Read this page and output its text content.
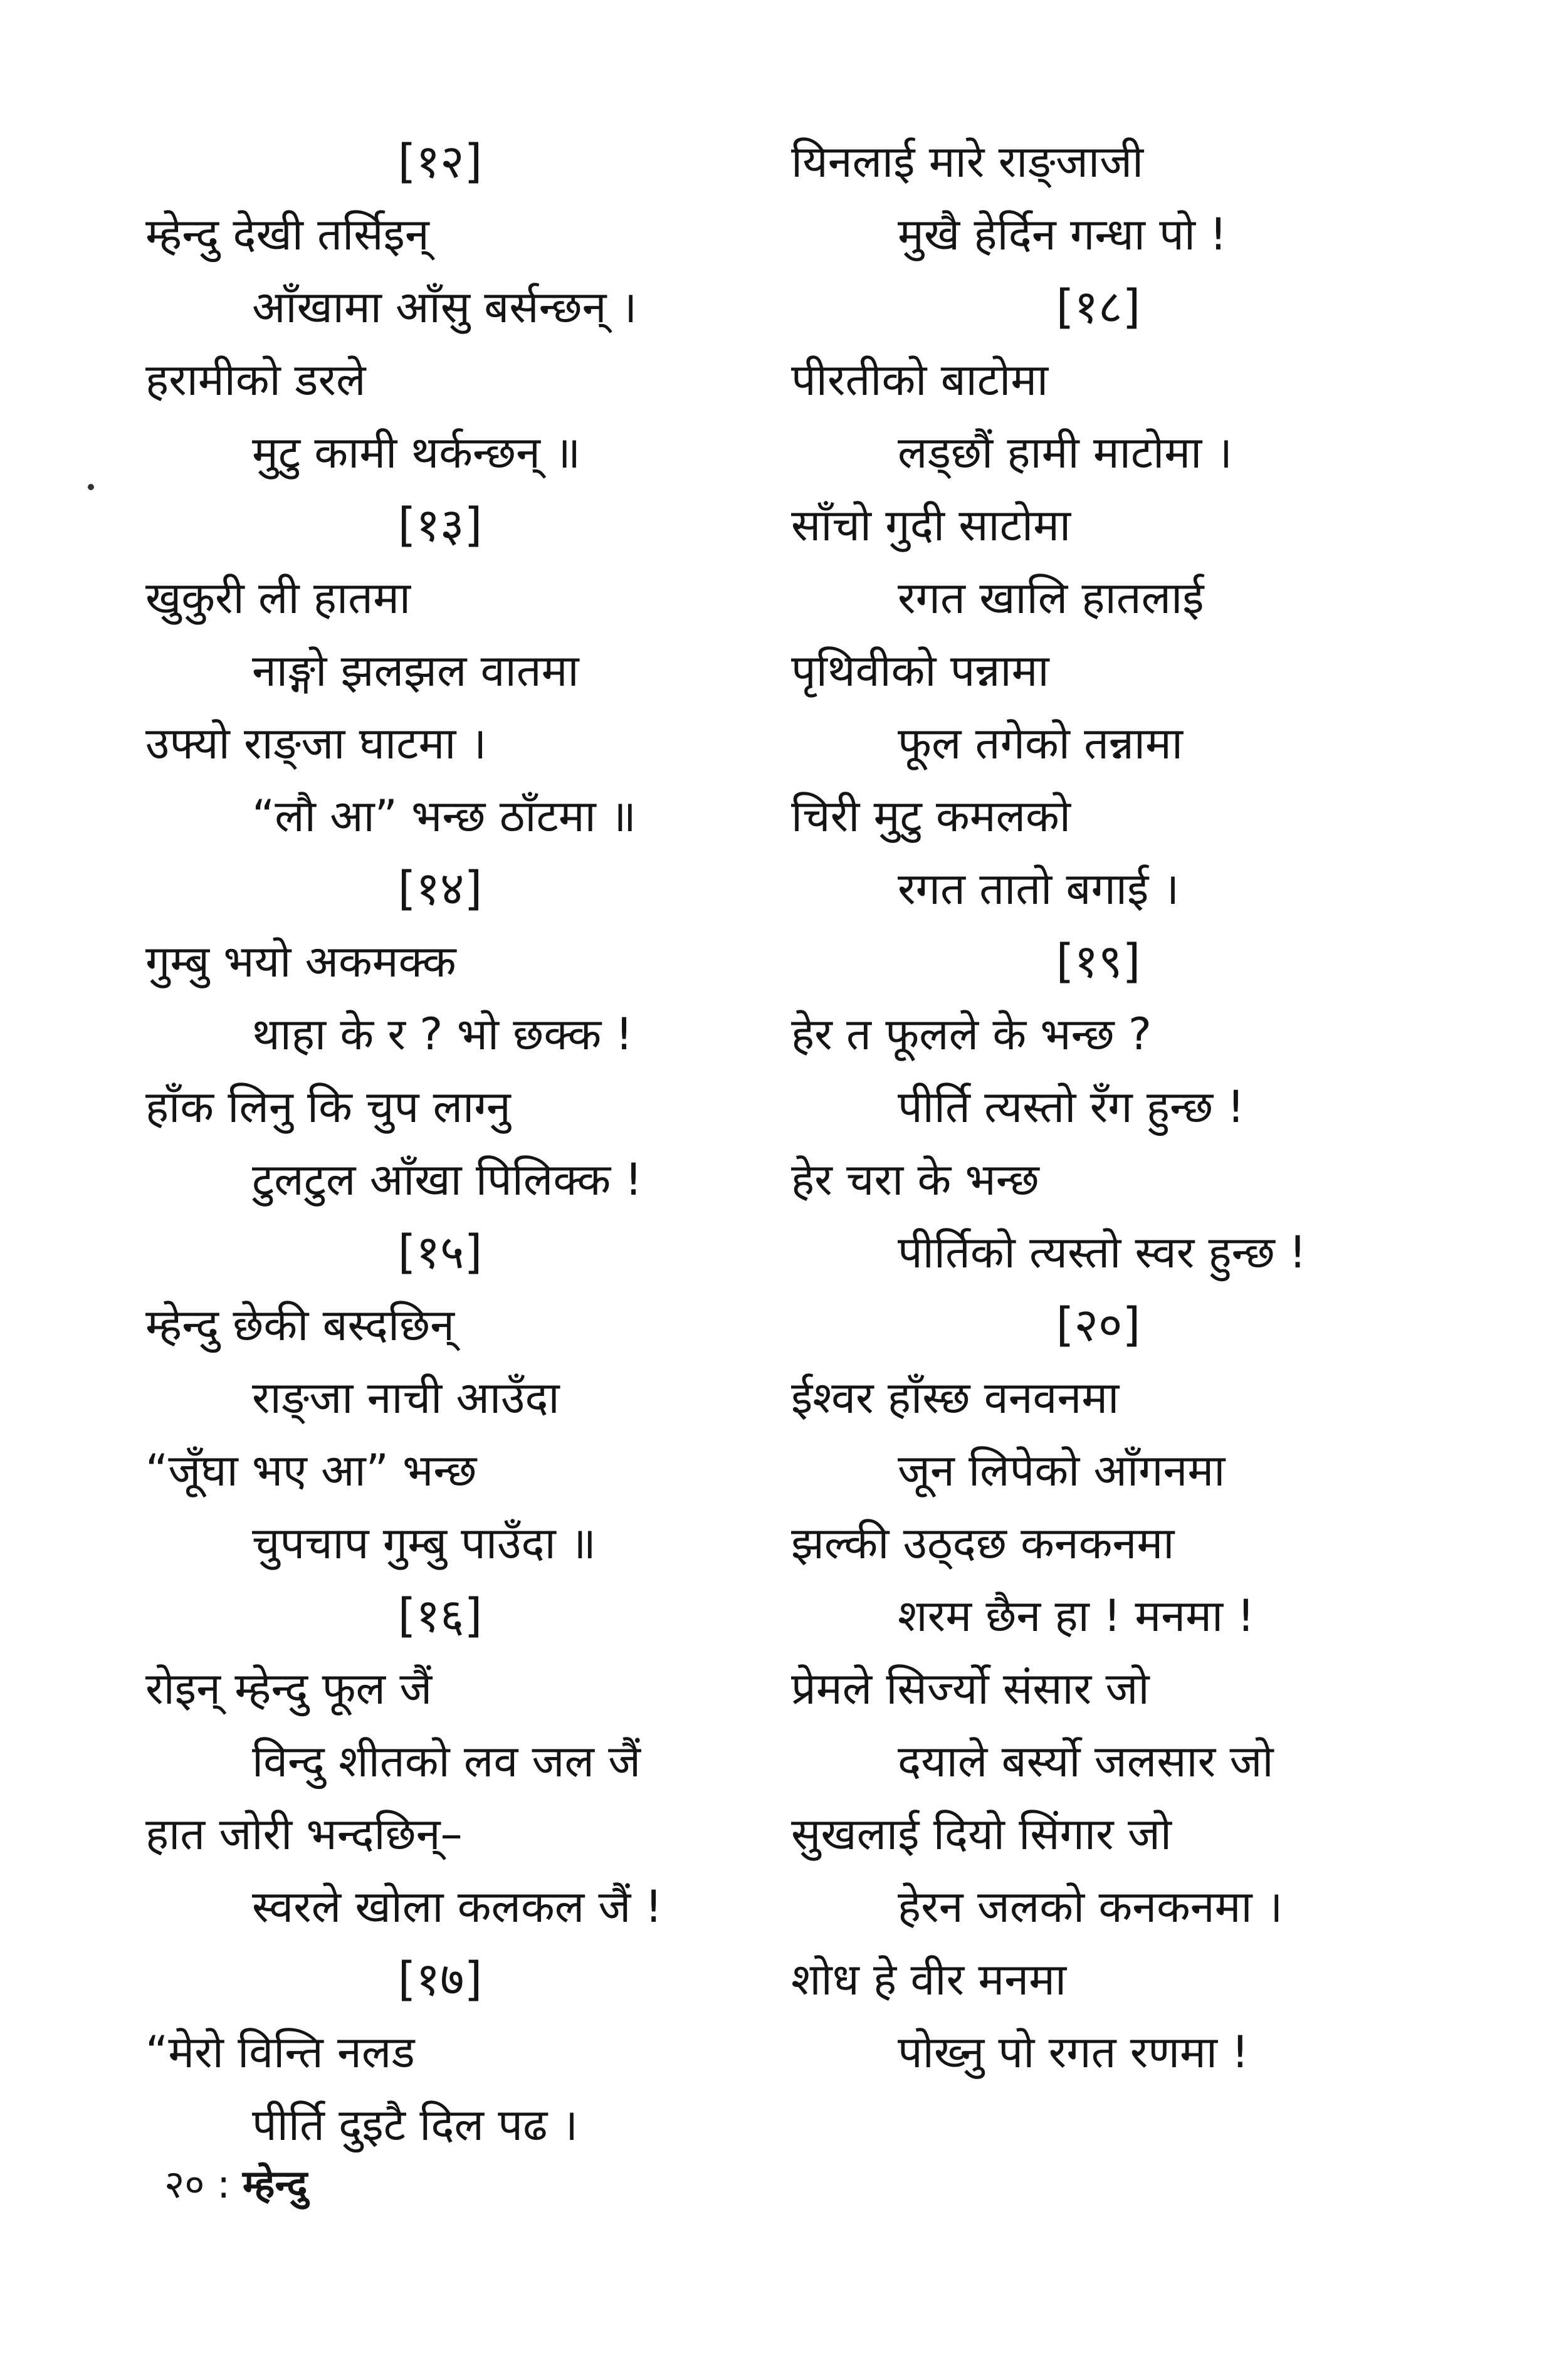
[१२]
म्हेन्दु देखी तर्सिइन्
आँखामा आँसु बर्सन्छन् ।
हरामीको डरले
मुटु कामी थर्कन्छन् ॥
[१३]
खुकुरी ली हातमा
नाङ्गो झलझल वातमा
उफ्यो राङ्जा घाटमा ।
“लौ आ” भन्छ ठाँटमा ॥
[१४]
गुम्बु भयो अकमक्क
थाहा के र ? भो छक्क !
हाँक लिनु कि चुप लाग्नु
टुलटुल आँखा पिलिक्क !
[१५]
म्हेन्दु छेकी बस्दछिन्
राङ्जा नाची आउँदा
“जूँघा भए आ” भन्छ
चुपचाप गुम्बु पाउँदा ॥
[१६]
रोइन् म्हेन्दु फूल जैं
विन्दु शीतको लव जल जैं
हात जोरी भन्दछिन्–
स्वरले खोला कलकल जैं !
[१७]
“मेरो विन्ति नलड
पीर्ति दुइटै दिल पढ ।
यिनलाई मारे राङ्जाजी
मुखै हेर्दिन गन्धा पो !
[१८]
पीरतीको बाटोमा
लड्छौं हामी माटोमा ।
साँचो गुदी साटोमा
रगत खालि हातलाई
पृथिवीको पन्नामा
फूल तगेको तन्नामा
चिरी मुटु कमलको
रगत तातो बगाई ।
[१९]
हेर त फूलले के भन्छ ?
पीर्ति त्यस्तो रँग हुन्छ !
हेर चरा के भन्छ
पीर्तिको त्यस्तो स्वर हुन्छ !
[२०]
ईश्वर हाँस्छ वनवनमा
जून लिपेको आँगनमा
झल्की उठ्दछ कनकनमा
शरम छैन हा ! मनमा !
प्रेमले सिर्ज्यो संसार जो
दयाले बर्स्यो जलसार जो
सुखलाई दियो सिंगार जो
हेरन जलको कनकनमा ।
शोध हे वीर मनमा
पोख्नु पो रगत रणमा !
२० : म्हेन्दु
